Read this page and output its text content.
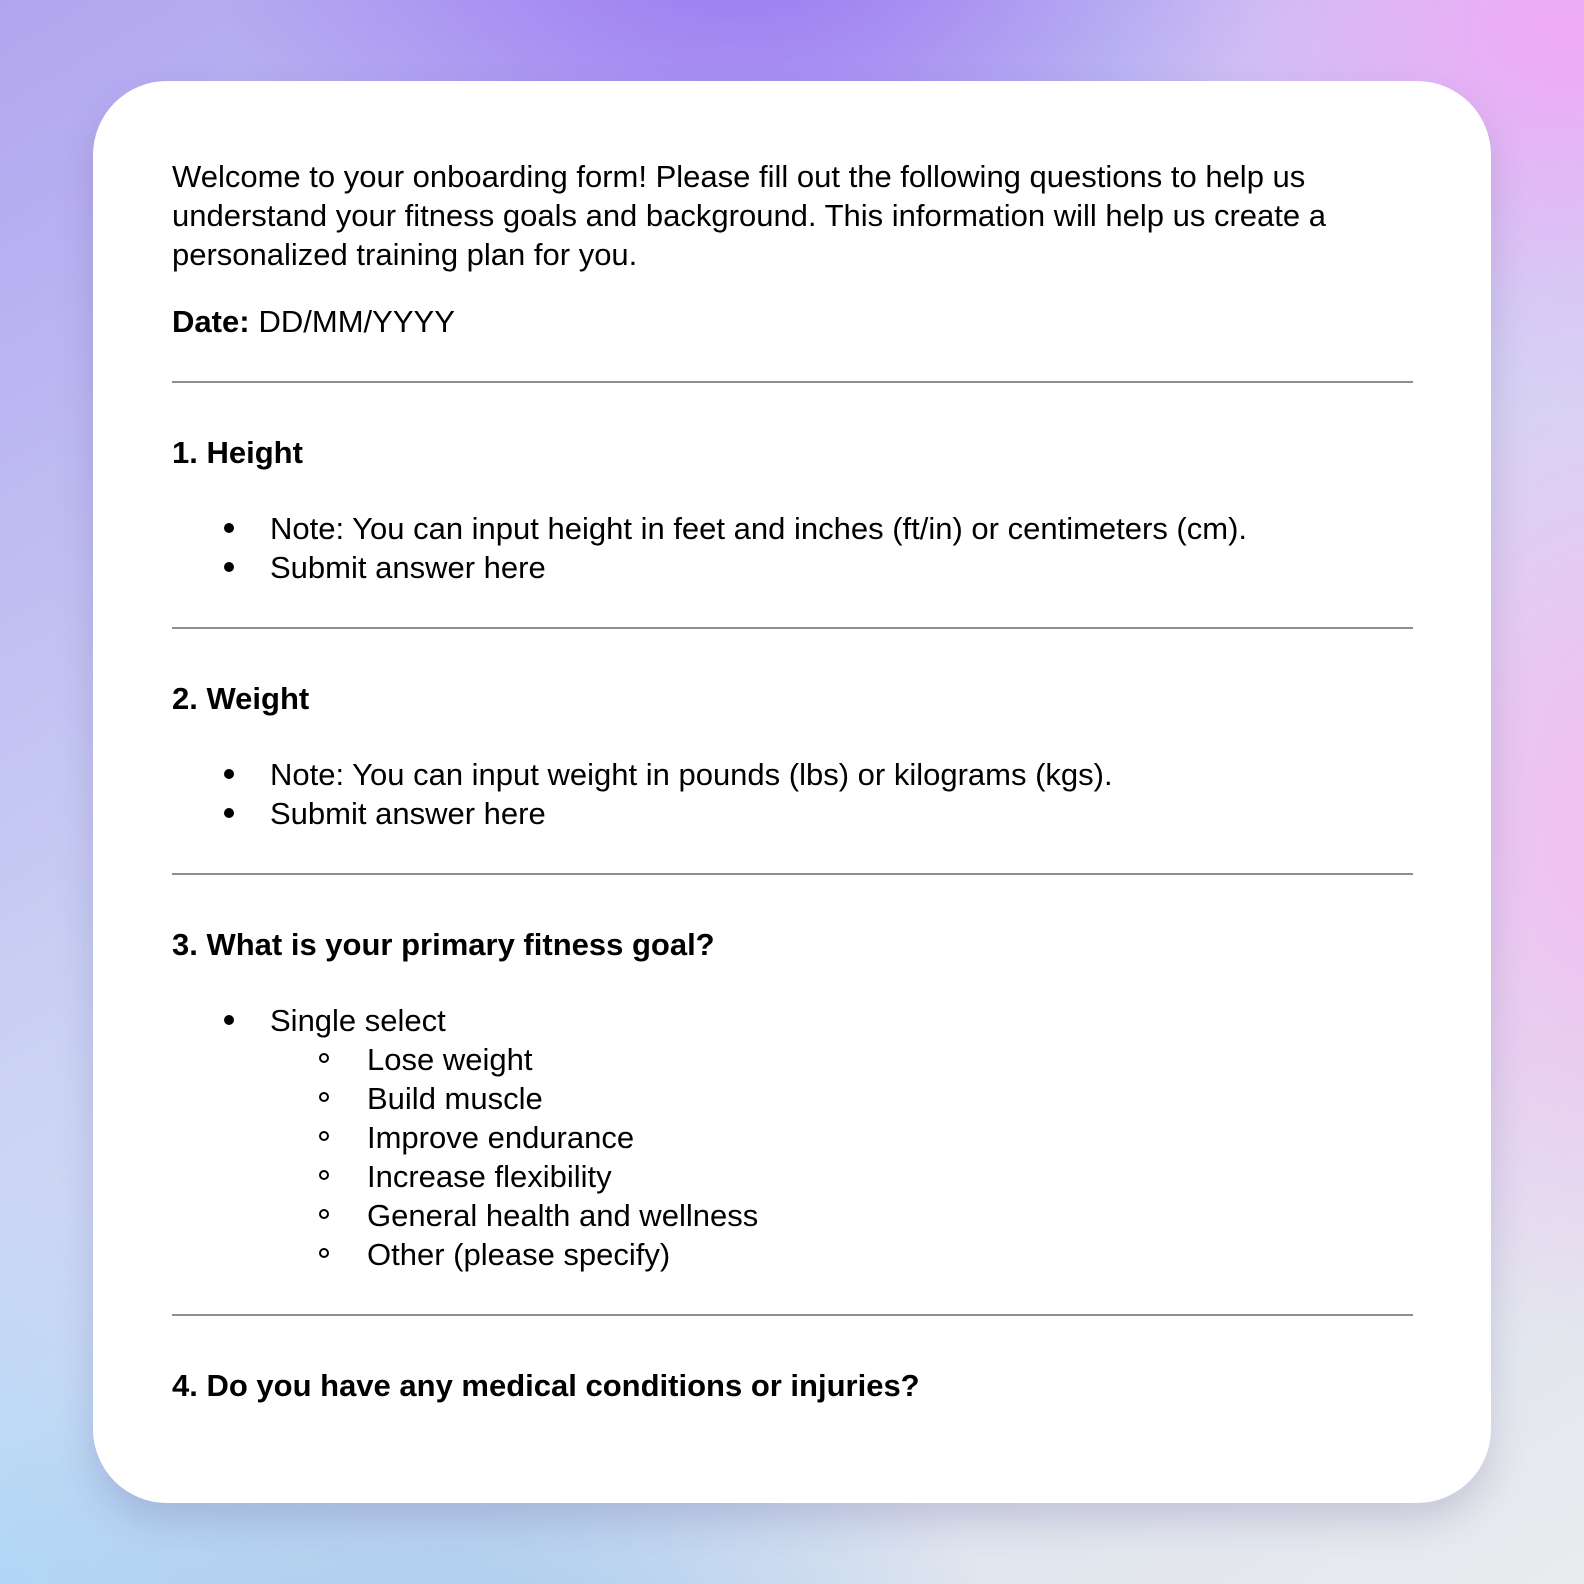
Welcome to your onboarding form! Please fill out the following questions to help us understand your fitness goals and background. This information will help us create a personalized training plan for you.

Date: DD/MM/YYYY

1. Height
Note: You can input height in feet and inches (ft/in) or centimeters (cm).
Submit answer here
2. Weight
Note: You can input weight in pounds (lbs) or kilograms (kgs).
Submit answer here
3. What is your primary fitness goal?
Single select
Lose weight
Build muscle
Improve endurance
Increase flexibility
General health and wellness
Other (please specify)
4. Do you have any medical conditions or injuries?
